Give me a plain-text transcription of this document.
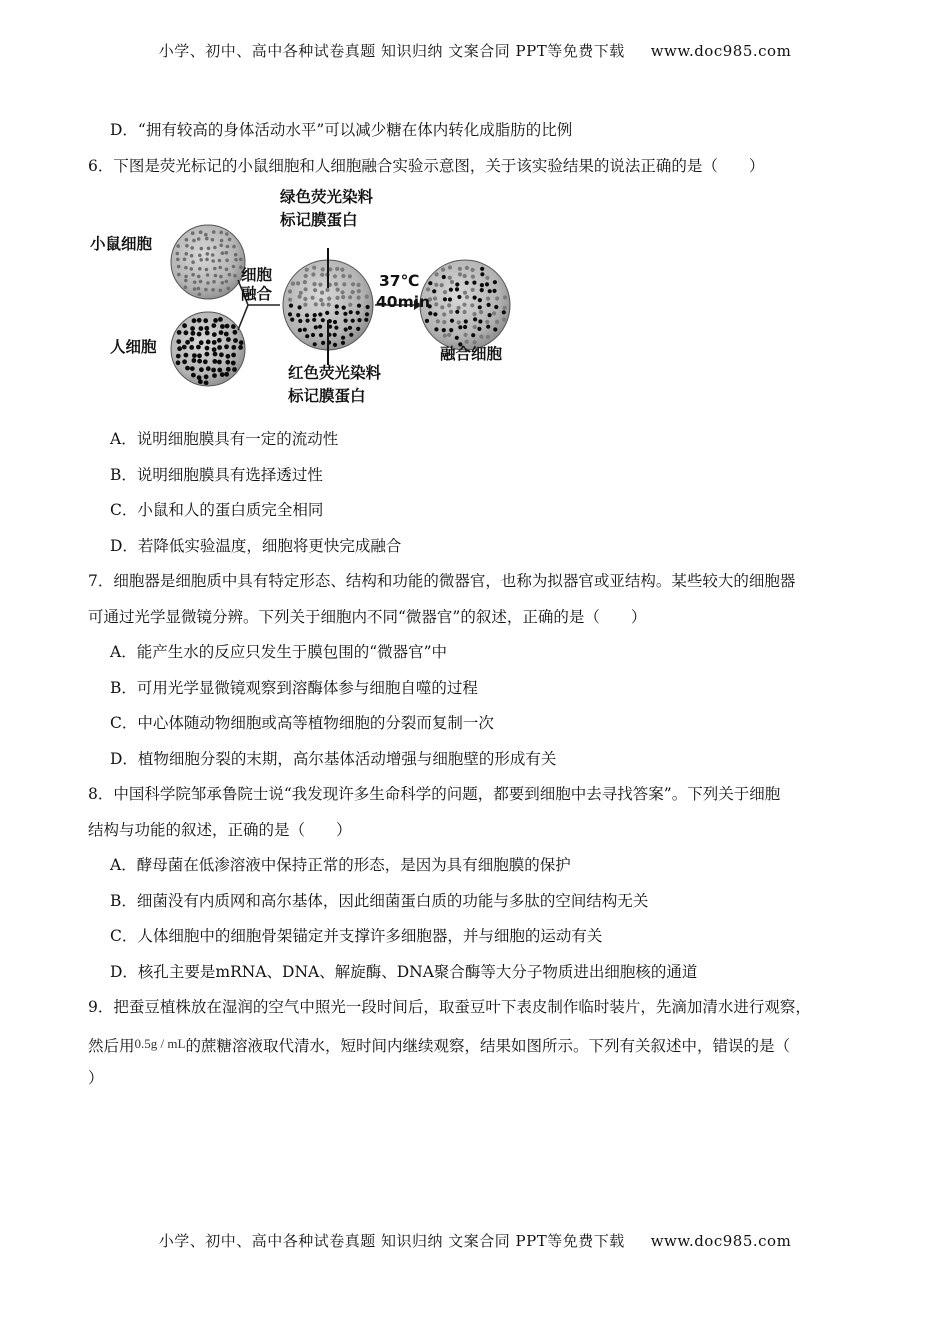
小学、初中、高中各种试卷真题 知识归纳 文案合同 PPT等免费下载 www.doc985.com
D．“拥有较高的身体活动水平”可以减少糖在体内转化成脂肪的比例
6．下图是荧光标记的小鼠细胞和人细胞融合实验示意图，关于该实验结果的说法正确的是（　　）
小鼠细胞
人细胞
绿色荧光染料
标记膜蛋白
细胞
融合
37℃
40min
红色荧光染料
标记膜蛋白
融合细胞
A．说明细胞膜具有一定的流动性
B．说明细胞膜具有选择透过性
C．小鼠和人的蛋白质完全相同
D．若降低实验温度，细胞将更快完成融合
7．细胞器是细胞质中具有特定形态、结构和功能的微器官，也称为拟器官或亚结构。某些较大的细胞器
可通过光学显微镜分辨。下列关于细胞内不同“微器官”的叙述，正确的是（　　）
A．能产生水的反应只发生于膜包围的“微器官”中
B．可用光学显微镜观察到溶酶体参与细胞自噬的过程
C．中心体随动物细胞或高等植物细胞的分裂而复制一次
D．植物细胞分裂的末期，高尔基体活动增强与细胞壁的形成有关
8．中国科学院邹承鲁院士说“我发现许多生命科学的问题，都要到细胞中去寻找答案”。下列关于细胞
结构与功能的叙述，正确的是（　　）
A．酵母菌在低渗溶液中保持正常的形态，是因为具有细胞膜的保护
B．细菌没有内质网和高尔基体，因此细菌蛋白质的功能与多肽的空间结构无关
C．人体细胞中的细胞骨架锚定并支撑许多细胞器，并与细胞的运动有关
D．核孔主要是mRNA、DNA、解旋酶、DNA聚合酶等大分子物质进出细胞核的通道
9．把蚕豆植株放在湿润的空气中照光一段时间后，取蚕豆叶下表皮制作临时装片，先滴加清水进行观察，
然后用0.5g / mL的蔗糖溶液取代清水，短时间内继续观察，结果如图所示。下列有关叙述中，错误的是（
）
小学、初中、高中各种试卷真题 知识归纳 文案合同 PPT等免费下载 www.doc985.com
